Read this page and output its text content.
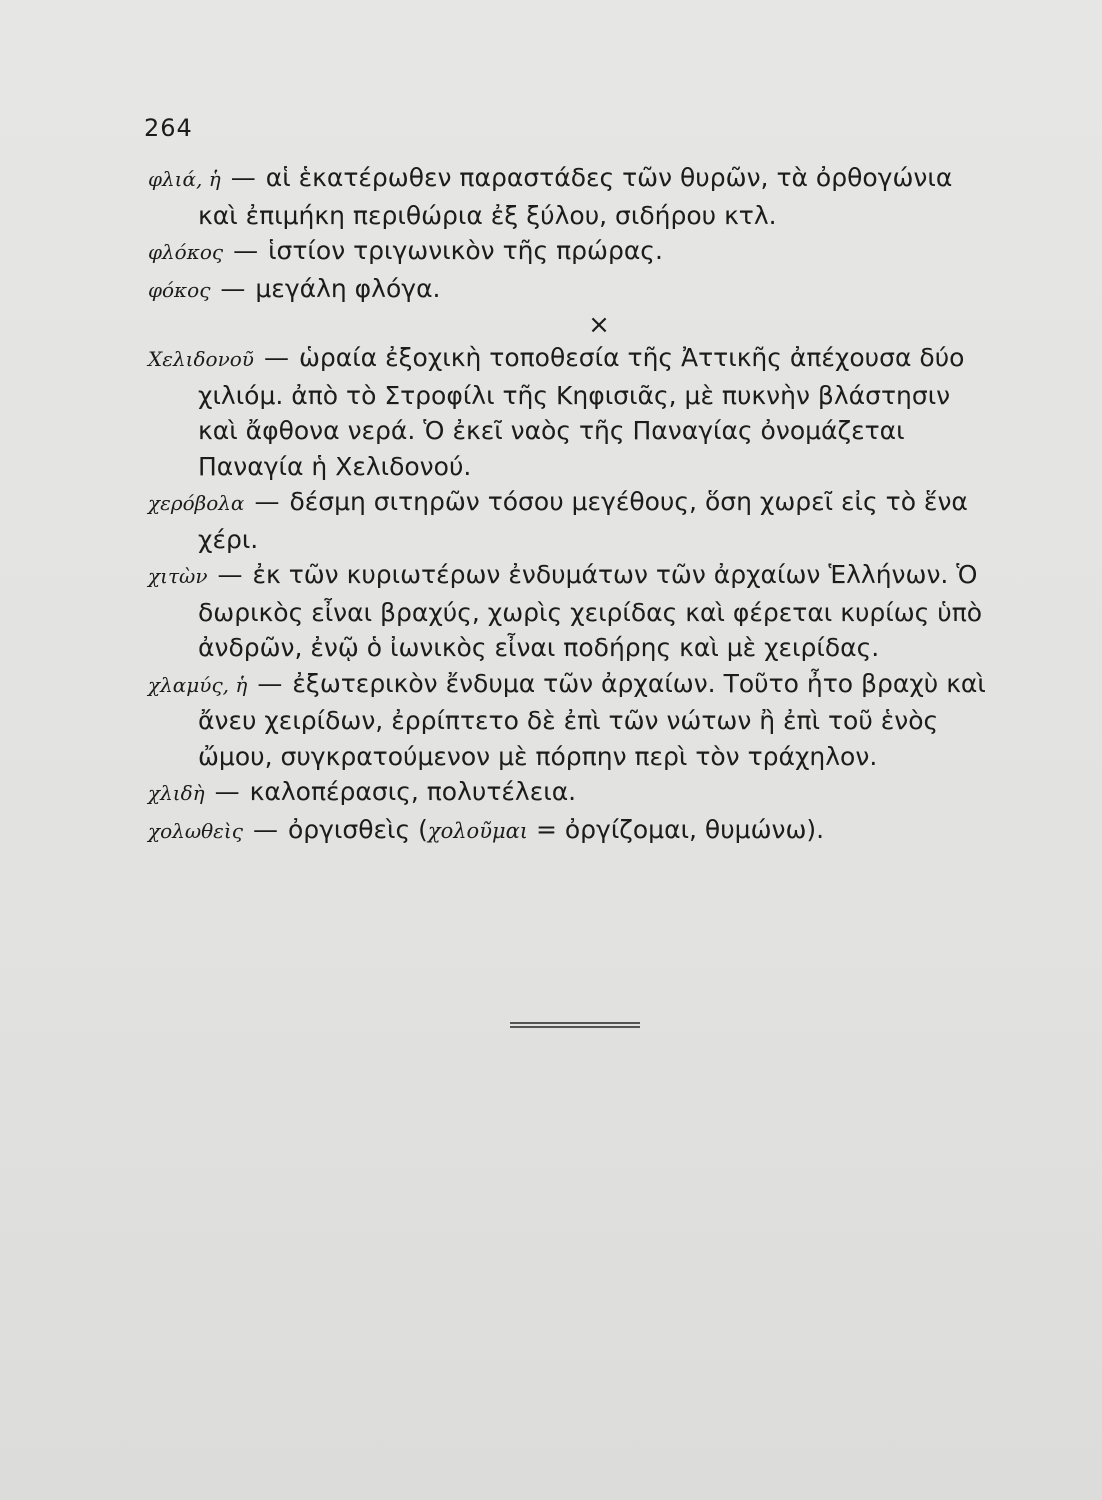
264

φλιά, ἡ — αἱ ἑκατέρωθεν παραστάδες τῶν θυρῶν, τὰ ὀρθογώνια καὶ ἐπιμήκη περιθώρια ἐξ ξύλου, σιδήρου κτλ.

φλόκος — ἱστίον τριγωνικὸν τῆς πρώρας.

φόκος — μεγάλη φλόγα.

×

Χελιδονοῦ — ὡραία ἐξοχικὴ τοποθεσία τῆς Ἀττικῆς ἀπέχουσα δύο χιλιόμ. ἀπὸ τὸ Στροφίλι τῆς Κηφισιᾶς, μὲ πυκνὴν βλάστησιν καὶ ἄφθονα νερά. Ὁ ἐκεῖ ναὸς τῆς Παναγίας ὀνομάζεται Παναγία ἡ Χελιδονού.

χερόβολα — δέσμη σιτηρῶν τόσου μεγέθους, ὅση χωρεῖ εἰς τὸ ἕνα χέρι.

χιτὼν — ἐκ τῶν κυριωτέρων ἐνδυμάτων τῶν ἀρχαίων Ἑλλήνων. Ὁ δωρικὸς εἶναι βραχύς, χωρὶς χειρίδας καὶ φέρεται κυρίως ὑπὸ ἀνδρῶν, ἐνῷ ὁ ἰωνικὸς εἶναι ποδήρης καὶ μὲ χειρίδας.

χλαμύς, ἡ — ἐξωτερικὸν ἔνδυμα τῶν ἀρχαίων. Τοῦτο ἦτο βραχὺ καὶ ἄνευ χειρίδων, ἐρρίπτετο δὲ ἐπὶ τῶν νώτων ἢ ἐπὶ τοῦ ἑνὸς ὤμου, συγκρατούμενον μὲ πόρπην περὶ τὸν τράχηλον.

χλιδὴ — καλοπέρασις, πολυτέλεια.

χολωθεὶς — ὀργισθεὶς (χολοῦμαι = ὀργίζομαι, θυμώνω).
